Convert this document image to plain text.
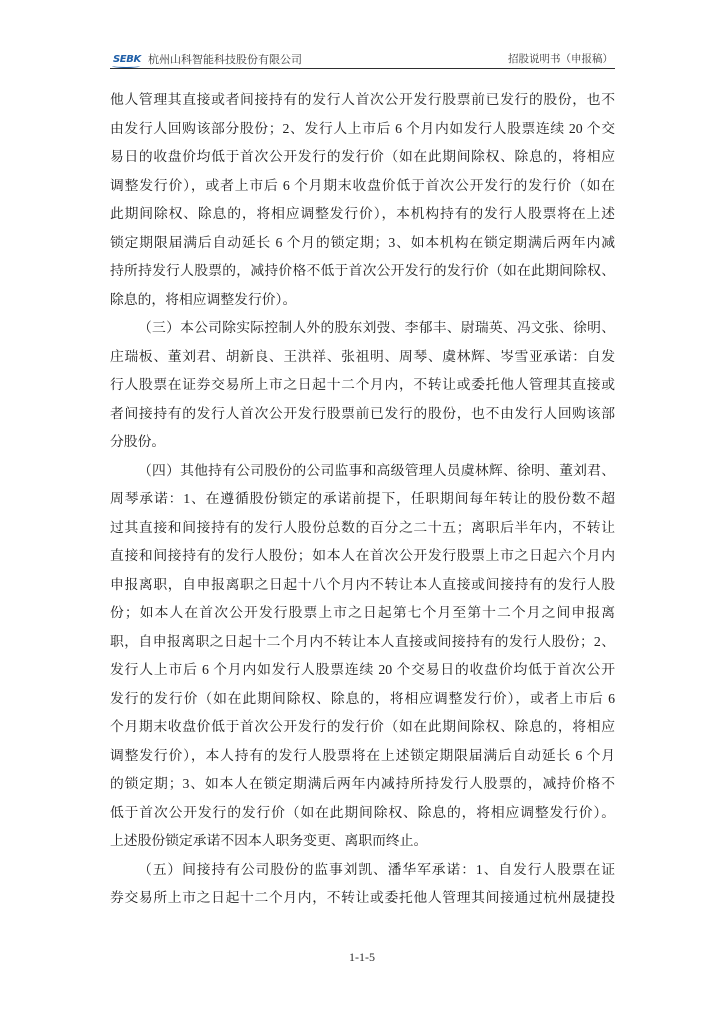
SEBK 杭州山科智能科技股份有限公司	招股说明书（申报稿）
他人管理其直接或者间接持有的发行人首次公开发行股票前已发行的股份，也不
由发行人回购该部分股份；2、发行人上市后 6 个月内如发行人股票连续 20 个交
易日的收盘价均低于首次公开发行的发行价（如在此期间除权、除息的，将相应
调整发行价），或者上市后 6 个月期末收盘价低于首次公开发行的发行价（如在
此期间除权、除息的，将相应调整发行价），本机构持有的发行人股票将在上述
锁定期限届满后自动延长 6 个月的锁定期；3、如本机构在锁定期满后两年内减
持所持发行人股票的，减持价格不低于首次公开发行的发行价（如在此期间除权、
除息的，将相应调整发行价）。
（三）本公司除实际控制人外的股东刘弢、李郁丰、尉瑞英、冯文张、徐明、
庄瑞板、董刘君、胡新良、王洪祥、张祖明、周琴、虞林辉、岑雪亚承诺：自发
行人股票在证券交易所上市之日起十二个月内，不转让或委托他人管理其直接或
者间接持有的发行人首次公开发行股票前已发行的股份，也不由发行人回购该部
分股份。
（四）其他持有公司股份的公司监事和高级管理人员虞林辉、徐明、董刘君、
周琴承诺：1、在遵循股份锁定的承诺前提下，任职期间每年转让的股份数不超
过其直接和间接持有的发行人股份总数的百分之二十五；离职后半年内，不转让
直接和间接持有的发行人股份；如本人在首次公开发行股票上市之日起六个月内
申报离职，自申报离职之日起十八个月内不转让本人直接或间接持有的发行人股
份；如本人在首次公开发行股票上市之日起第七个月至第十二个月之间申报离
职，自申报离职之日起十二个月内不转让本人直接或间接持有的发行人股份；2、
发行人上市后 6 个月内如发行人股票连续 20 个交易日的收盘价均低于首次公开
发行的发行价（如在此期间除权、除息的，将相应调整发行价），或者上市后 6
个月期末收盘价低于首次公开发行的发行价（如在此期间除权、除息的，将相应
调整发行价），本人持有的发行人股票将在上述锁定期限届满后自动延长 6 个月
的锁定期；3、如本人在锁定期满后两年内减持所持发行人股票的，减持价格不
低于首次公开发行的发行价（如在此期间除权、除息的，将相应调整发行价）。
上述股份锁定承诺不因本人职务变更、离职而终止。
（五）间接持有公司股份的监事刘凯、潘华军承诺：1、自发行人股票在证
券交易所上市之日起十二个月内，不转让或委托他人管理其间接通过杭州晟捷投
1-1-5
